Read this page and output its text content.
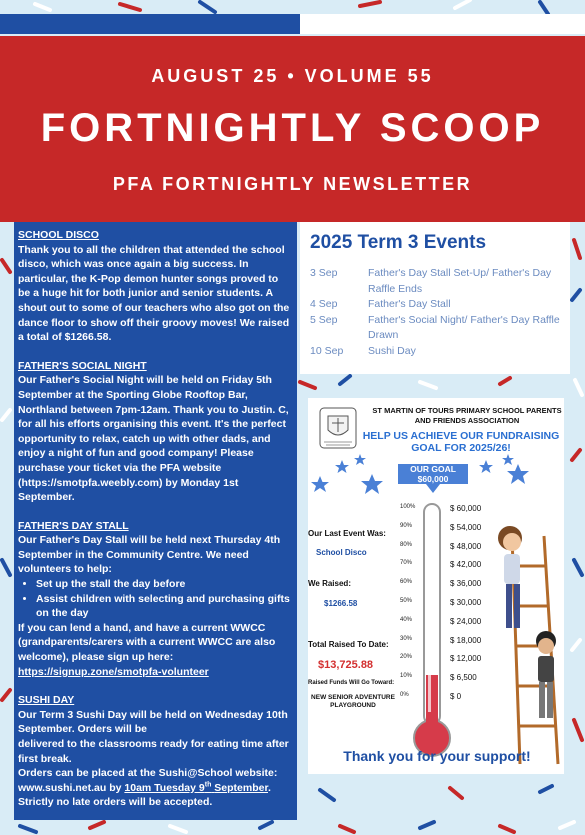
AUGUST 25 • VOLUME 55
FORTNIGHTLY SCOOP
PFA FORTNIGHTLY NEWSLETTER
SCHOOL DISCO
Thank you to all the children that attended the school disco, which was once again a big success. In particular, the K-Pop demon hunter songs proved to be a huge hit for both junior and senior students. A shout out to some of our teachers who also got on the dance floor to show off their groovy moves! We raised a total of $1266.58.
FATHER'S SOCIAL NIGHT
Our Father's Social Night will be held on Friday 5th September at the Sporting Globe Rooftop Bar, Northland between 7pm-12am. Thank you to Justin. C, for all his efforts organising this event. It's the perfect opportunity to relax, catch up with other dads, and enjoy a night of fun and good company! Please purchase your ticket via the PFA website (https://smotpfa.weebly.com) by Monday 1st September.
FATHER'S DAY STALL
Our Father's Day Stall will be held next Thursday 4th September in the Community Centre. We need volunteers to help:
• Set up the stall the day before
• Assist children with selecting and purchasing gifts on the day
If you can lend a hand, and have a current WWCC (grandparents/carers with a current WWCC are also welcome), please sign up here:
https://signup.zone/smotpfa-volunteer
SUSHI DAY
Our Term 3 Sushi Day will be held on Wednesday 10th September. Orders will be
delivered to the classrooms ready for eating time after first break.
Orders can be placed at the Sushi@School website: www.sushi.net.au by 10am Tuesday 9th September. Strictly no late orders will be accepted.
2025 Term 3 Events
3 Sep	Father's Day Stall Set-Up/ Father's Day Raffle Ends
4 Sep	Father's Day Stall
5 Sep	Father's Social Night/ Father's Day Raffle Drawn
10 Sep	Sushi Day
ST MARTIN OF TOURS PRIMARY SCHOOL PARENTS AND FRIENDS ASSOCIATION
HELP US ACHIEVE OUR FUNDRAISING GOAL FOR 2025/26!
OUR GOAL
$60,000
Our Last Event Was:
School Disco
We Raised:
$1266.58
Total Raised To Date:
$13,725.88
Raised Funds Will Go Toward:
NEW SENIOR ADVENTURE PLAYGROUND
100%
90%
80%
70%
60%
50%
40%
30%
20%
10%
0%
$ 60,000
$ 54,000
$ 48,000
$ 42,000
$ 36,000
$ 30,000
$ 24,000
$ 18,000
$ 12,000
$ 6,500
$ 0
Thank you for your support!
